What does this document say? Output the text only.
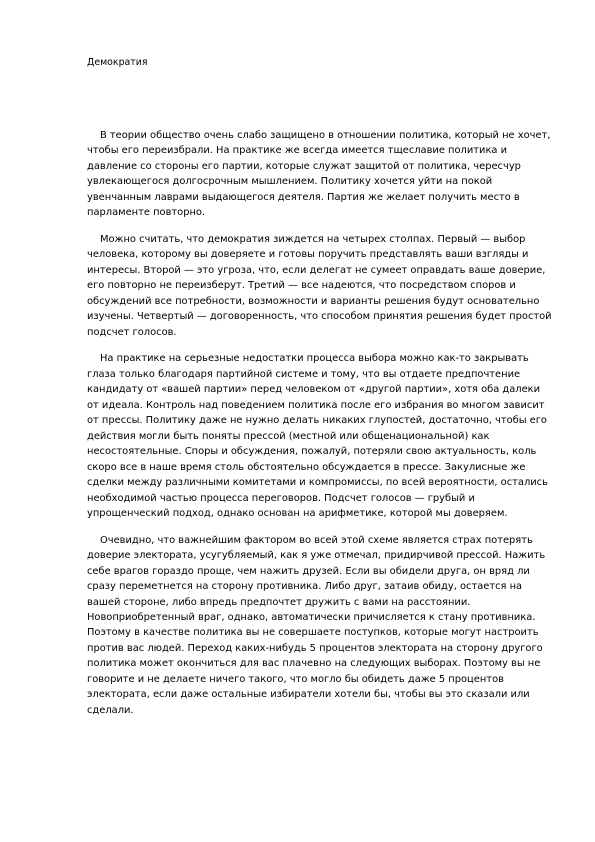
Демократия

В теории общество очень слабо защищено в отношении политика, который не хочет, чтобы его переизбрали. На практике же всегда имеется тщеславие политика и давление со стороны его партии, которые служат защитой от политика, чересчур увлекающегося долгосрочным мышлением. Политику хочется уйти на покой увенчанным лаврами выдающегося деятеля. Партия же желает получить место в парламенте повторно.

Можно считать, что демократия зиждется на четырех столпах. Первый — выбор человека, которому вы доверяете и готовы поручить представлять ваши взгляды и интересы. Второй — это угроза, что, если делегат не сумеет оправдать ваше доверие, его повторно не переизберут. Третий — все надеются, что посредством споров и обсуждений все потребности, возможности и варианты решения будут основательно изучены. Четвертый — договоренность, что способом принятия решения будет простой подсчет голосов.

На практике на серьезные недостатки процесса выбора можно как-то закрывать глаза только благодаря партийной системе и тому, что вы отдаете предпочтение кандидату от «вашей партии» перед человеком от «другой партии», хотя оба далеки от идеала. Контроль над поведением политика после его избрания во многом зависит от прессы. Политику даже не нужно делать никаких глупостей, достаточно, чтобы его действия могли быть поняты прессой (местной или общенациональной) как несостоятельные. Споры и обсуждения, пожалуй, потеряли свою актуальность, коль скоро все в наше время столь обстоятельно обсуждается в прессе. Закулисные же сделки между различными комитетами и компромиссы, по всей вероятности, остались необходимой частью процесса переговоров. Подсчет голосов — грубый и упрощенческий подход, однако основан на арифметике, которой мы доверяем.

Очевидно, что важнейшим фактором во всей этой схеме является страх потерять доверие электората, усугубляемый, как я уже отмечал, придирчивой прессой. Нажить себе врагов гораздо проще, чем нажить друзей. Если вы обидели друга, он вряд ли сразу переметнется на сторону противника. Либо друг, затаив обиду, остается на вашей стороне, либо впредь предпочтет дружить с вами на расстоянии. Новоприобретенный враг, однако, автоматически причисляется к стану противника. Поэтому в качестве политика вы не совершаете поступков, которые могут настроить против вас людей. Переход каких-нибудь 5 процентов электората на сторону другого политика может окончиться для вас плачевно на следующих выборах. Поэтому вы не говорите и не делаете ничего такого, что могло бы обидеть даже 5 процентов электората, если даже остальные избиратели хотели бы, чтобы вы это сказали или сделали.
